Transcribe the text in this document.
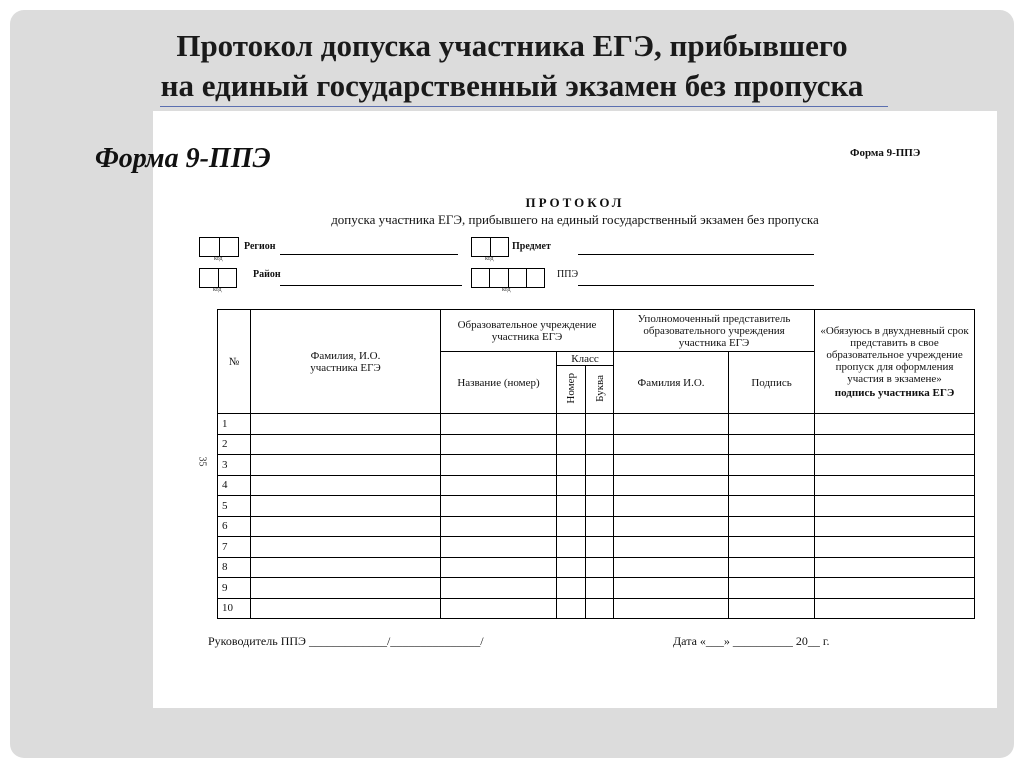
Протокол допуска участника ЕГЭ, прибывшего
на единый государственный экзамен без пропуска
Форма 9-ППЭ	Форма 9-ППЭ
ПРОТОКОЛ
допуска участника ЕГЭ, прибывшего на единый государственный экзамен без пропуска
код
Регион
код
Предмет
код
Район
код
ППЭ
35
№	Фамилия, И.О. участника ЕГЭ	Образовательное учреждение участника ЕГЭ			Уполномоченный представитель образовательного учреждения участника ЕГЭ		«Обязуюсь в двухдневный срок представить в свое образовательное учреждение пропуск для оформления участия в экзамене»
подпись участника ЕГЭ

		Название (номер)	Класс		Фамилия И.О.	Подпись	
			Номер	Буква			
1							
2							
3							
4							
5							
6							
7							
8							
9							
10							
Руководитель ППЭ _____________/_______________/	Дата «___» __________ 20__ г.
